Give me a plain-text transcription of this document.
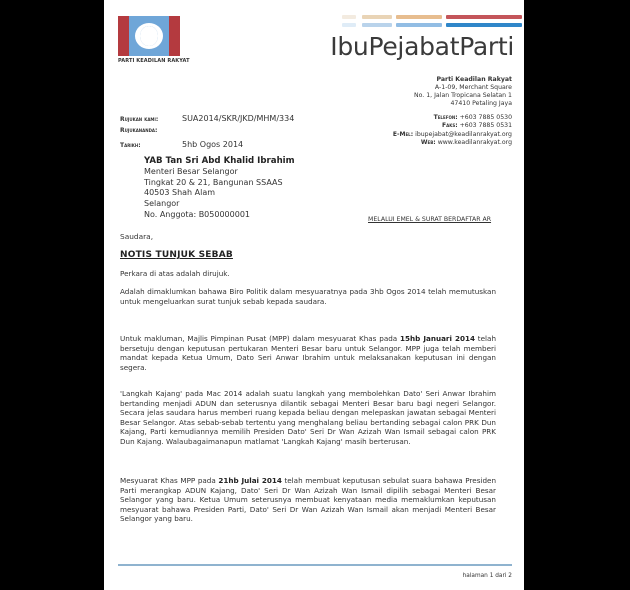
PARTI KEADILAN RAKYAT	IbuPejabatParti
Parti Keadilan Rakyat
A-1-09, Merchant Square
No. 1, Jalan Tropicana Selatan 1
47410 Petaling Jaya
Telefon: +603 7885 0530
Faks: +603 7885 0531
E-Mel: ibupejabat@keadilanrakyat.org
Web: www.keadilanrakyat.org
Rujukan kami:	SUA2014/SKR/JKD/MHM/334
Rujukananda:
Tarikh:	5hb Ogos 2014
YAB Tan Sri Abd Khalid Ibrahim
Menteri Besar Selangor
Tingkat 20 & 21, Bangunan SSAAS
40503 Shah Alam
Selangor
No. Anggota: B050000001
MELALUI EMEL & SURAT BERDAFTAR AR
Saudara,
NOTIS TUNJUK SEBAB
Perkara di atas adalah dirujuk.
Adalah dimaklumkan bahawa Biro Politik dalam mesyuaratnya pada 3hb Ogos 2014 telah memutuskan untuk mengeluarkan surat tunjuk sebab kepada saudara.
Untuk makluman, Majlis Pimpinan Pusat (MPP) dalam mesyuarat Khas pada 15hb Januari 2014 telah bersetuju dengan keputusan pertukaran Menteri Besar baru untuk Selangor. MPP juga telah memberi mandat kepada Ketua Umum, Dato Seri Anwar Ibrahim untuk melaksanakan keputusan ini dengan segera.
'Langkah Kajang' pada Mac 2014 adalah suatu langkah yang membolehkan Dato' Seri Anwar Ibrahim bertanding menjadi ADUN dan seterusnya dilantik sebagai Menteri Besar baru bagi negeri Selangor. Secara jelas saudara harus memberi ruang kepada beliau dengan melepaskan jawatan sebagai Menteri Besar Selangor. Atas sebab-sebab tertentu yang menghalang beliau bertanding sebagai calon PRK Dun Kajang, Parti kemudiannya memilih Presiden Dato' Seri Dr Wan Azizah Wan Ismail sebagai calon PRK Dun Kajang. Walaubagaimanapun matlamat 'Langkah Kajang' masih berterusan.
Mesyuarat Khas MPP pada 21hb Julai 2014 telah membuat keputusan sebulat suara bahawa Presiden Parti merangkap ADUN Kajang, Dato' Seri Dr Wan Azizah Wan Ismail dipilih sebagai Menteri Besar Selangor yang baru. Ketua Umum seterusnya membuat kenyataan media memaklumkan keputusan mesyuarat bahawa Presiden Parti, Dato' Seri Dr Wan Azizah Wan Ismail akan menjadi Menteri Besar Selangor yang baru.
halaman 1 dari 2
